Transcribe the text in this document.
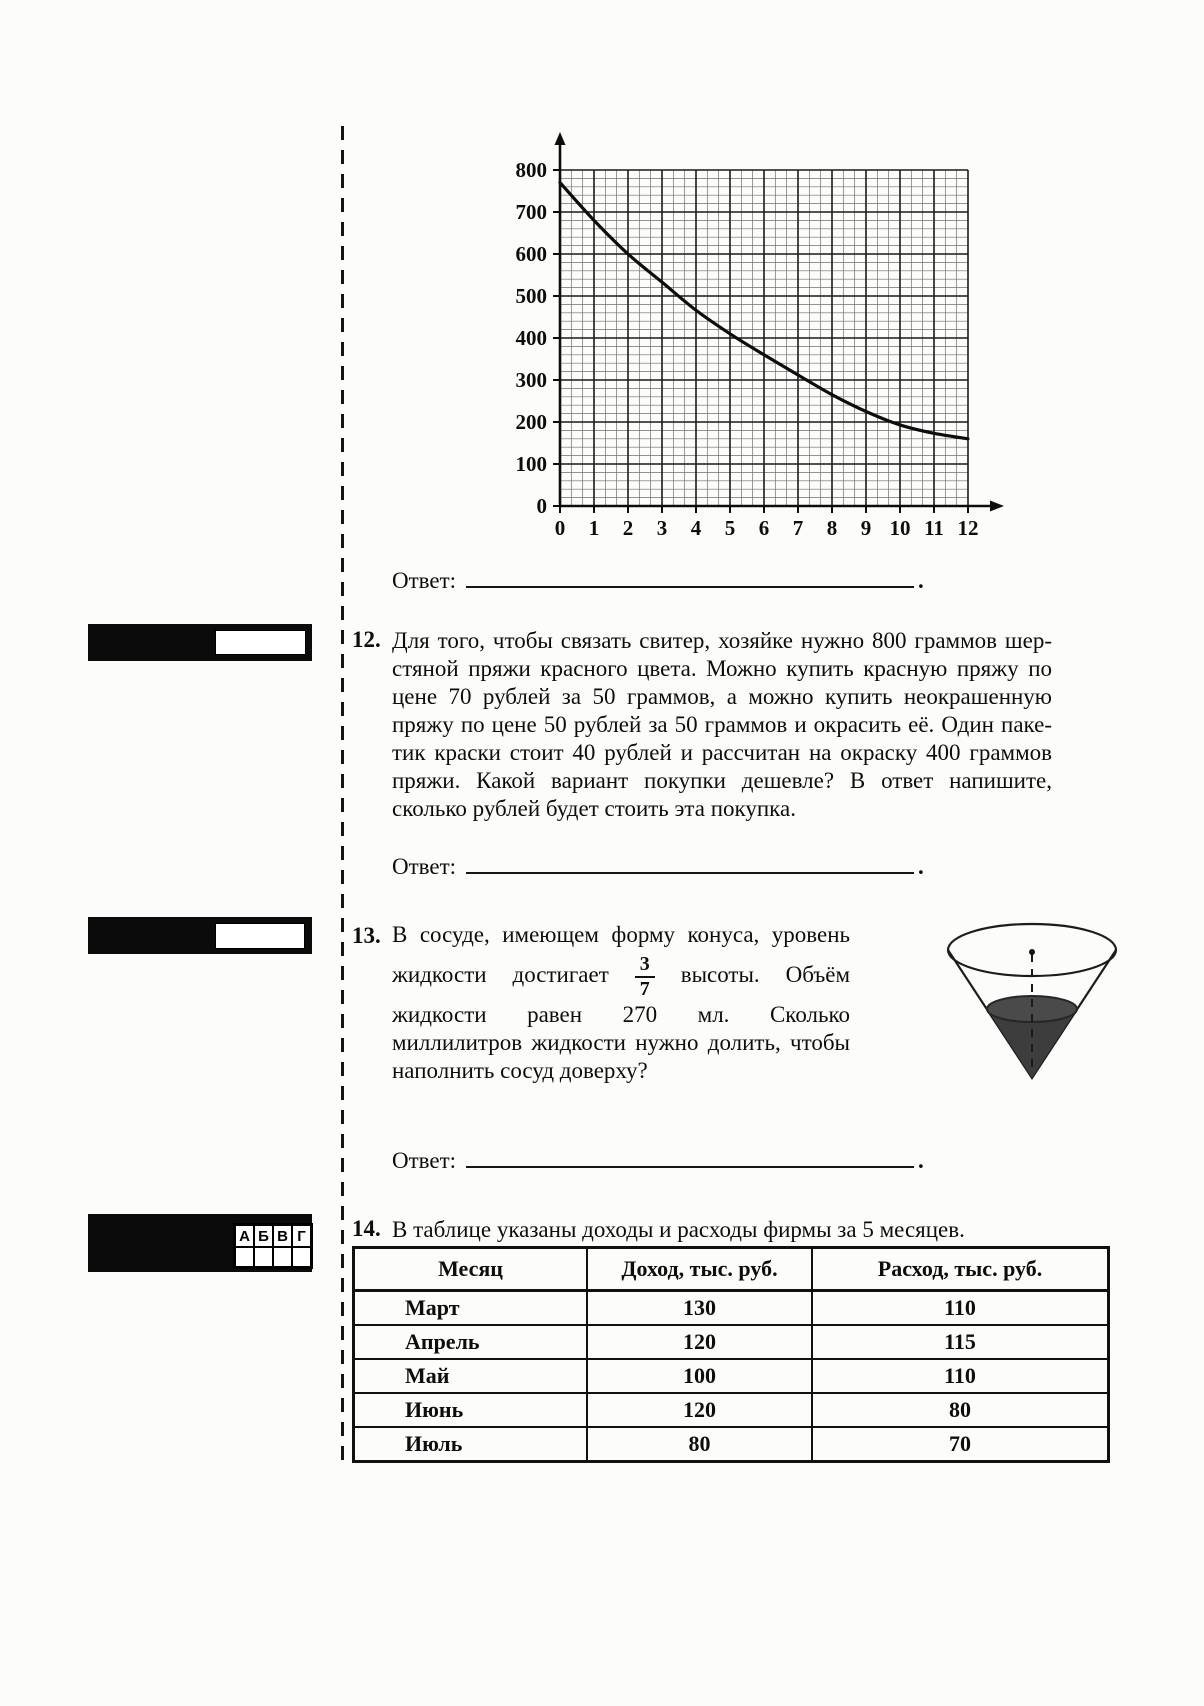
800
700
600
500
400
300
200
100
0
0 1 2 3 4 5 6 7 8 9 10 11 12
Ответ:	.
12. Для того, чтобы связать свитер, хозяйке нужно 800 граммов шер-
стяной пряжи красного цвета. Можно купить красную пряжу по
цене 70 рублей за 50 граммов, а можно купить неокрашенную
пряжу по цене 50 рублей за 50 граммов и окрасить её. Один паке-
тик краски стоит 40 рублей и рассчитан на окраску 400 граммов
пряжи. Какой вариант покупки дешевле? В ответ напишите,
сколько рублей будет стоить эта покупка.
Ответ:	.
13. В сосуде, имеющем форму конуса, уровень
жидкости достигает $\frac{3}{7}$ высоты. Объём
жидкости равен 270 мл. Сколько
миллилитров жидкости нужно долить, чтобы
наполнить сосуд доверху?
Ответ:	.
А Б В Г 14. В таблице указаны доходы и расходы фирмы за 5 месяцев.
Месяц	Доход, тыс. руб.	Расход, тыс. руб.
Март	130	110
Апрель	120	115
Май	100	110
Июнь	120	80
Июль	80	70
